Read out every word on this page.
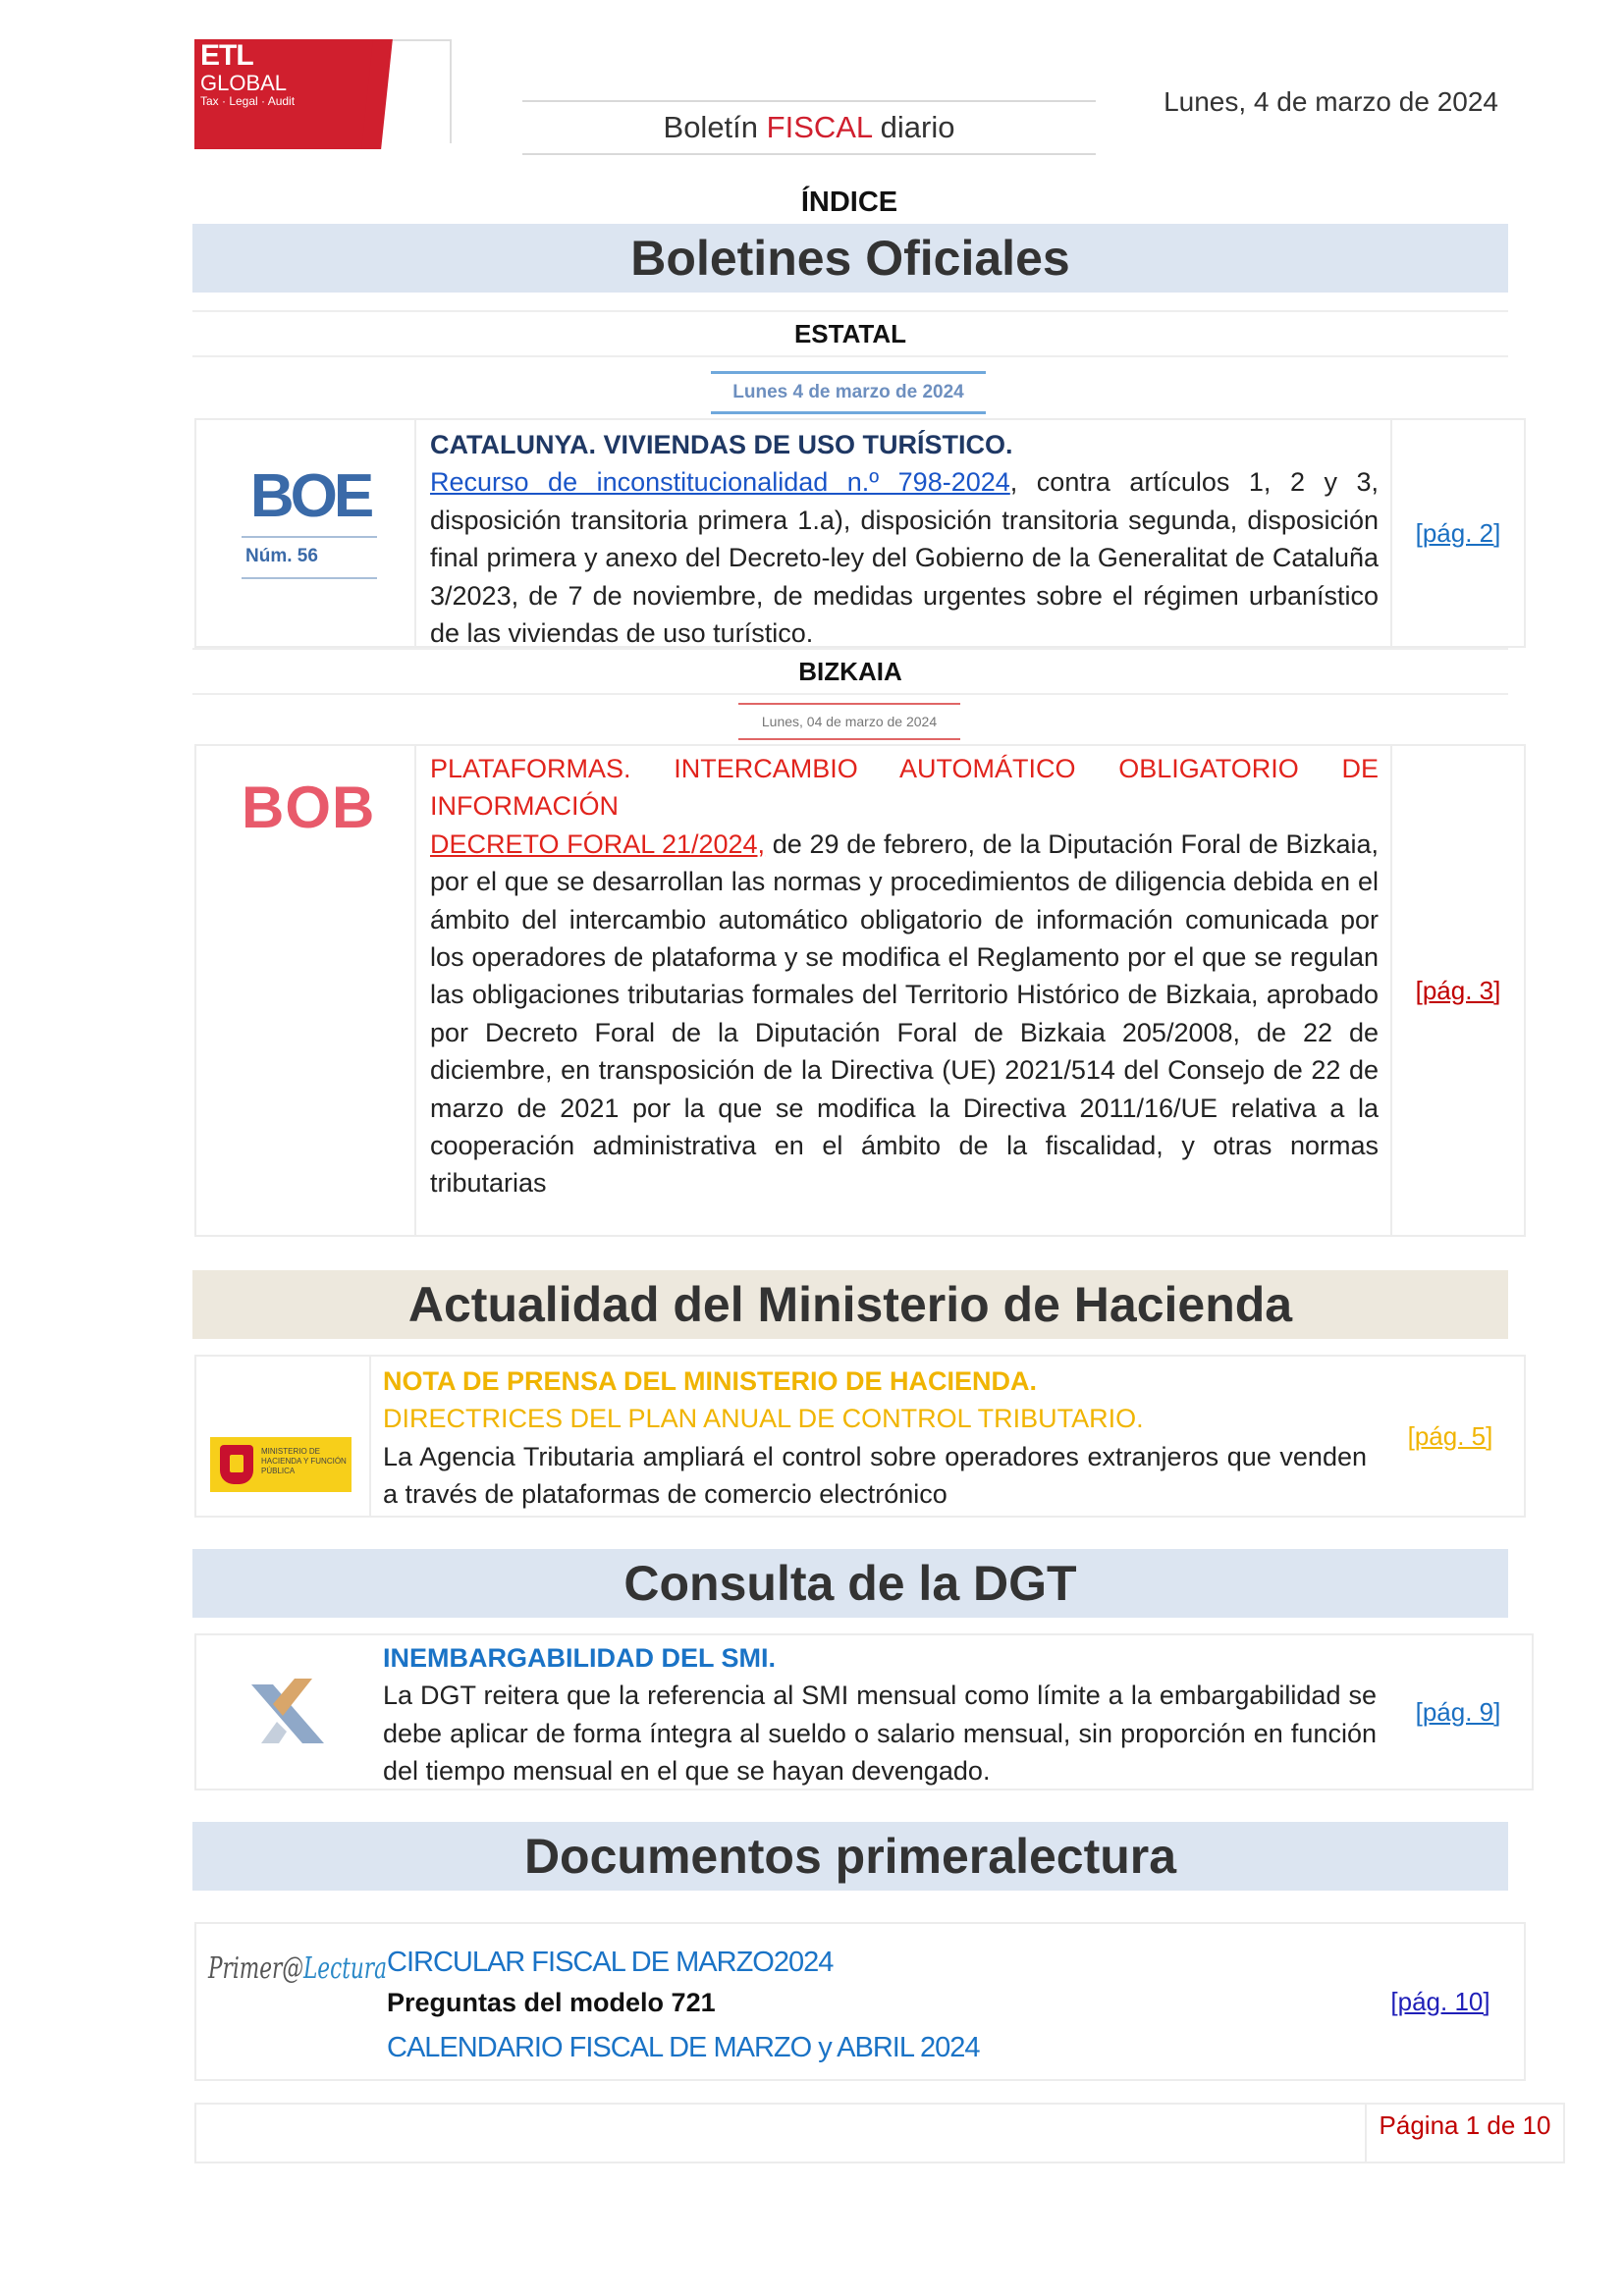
ETL
GLOBAL
Tax · Legal · Audit
Boletín FISCAL diario
Lunes, 4 de marzo de 2024
ÍNDICE
Boletines Oficiales
ESTATAL
Lunes 4 de marzo de 2024
BOE
Núm. 56
CATALUNYA. VIVIENDAS DE USO TURÍSTICO.
Recurso de inconstitucionalidad n.º 798-2024, contra artículos 1, 2 y 3, disposición transitoria primera 1.a), disposición transitoria segunda, disposición final primera y anexo del Decreto-ley del Gobierno de la Generalitat de Cataluña 3/2023, de 7 de noviembre, de medidas urgentes sobre el régimen urbanístico de las viviendas de uso turístico.
[pág. 2]
BIZKAIA
Lunes, 04 de marzo de 2024
BOB
PLATAFORMAS. INTERCAMBIO AUTOMÁTICO OBLIGATORIO DE INFORMACIÓN
DECRETO FORAL 21/2024, de 29 de febrero, de la Diputación Foral de Bizkaia, por el que se desarrollan las normas y procedimientos de diligencia debida en el ámbito del intercambio automático obligatorio de información comunicada por los operadores de plataforma y se modifica el Reglamento por el que se regulan las obligaciones tributarias formales del Territorio Histórico de Bizkaia, aprobado por Decreto Foral de la Diputación Foral de Bizkaia 205/2008, de 22 de diciembre, en transposición de la Directiva (UE) 2021/514 del Consejo de 22 de marzo de 2021 por la que se modifica la Directiva 2011/16/UE relativa a la cooperación administrativa en el ámbito de la fiscalidad, y otras normas tributarias
[pág. 3]
Actualidad del Ministerio de Hacienda
MINISTERIO DE HACIENDA Y FUNCIÓN PÚBLICA
NOTA DE PRENSA DEL MINISTERIO DE HACIENDA.
DIRECTRICES DEL PLAN ANUAL DE CONTROL TRIBUTARIO.
La Agencia Tributaria ampliará el control sobre operadores extranjeros que venden a través de plataformas de comercio electrónico
[pág. 5]
Consulta de la DGT
INEMBARGABILIDAD DEL SMI.
La DGT reitera que la referencia al SMI mensual como límite a la embargabilidad se debe aplicar de forma íntegra al sueldo o salario mensual, sin proporción en función del tiempo mensual en el que se hayan devengado.
[pág. 9]
Documentos primeralectura
Primer@Lectura CIRCULAR FISCAL DE MARZO2024
Preguntas del modelo 721
CALENDARIO FISCAL DE MARZO y ABRIL 2024
[pág. 10]
Página 1 de 10
